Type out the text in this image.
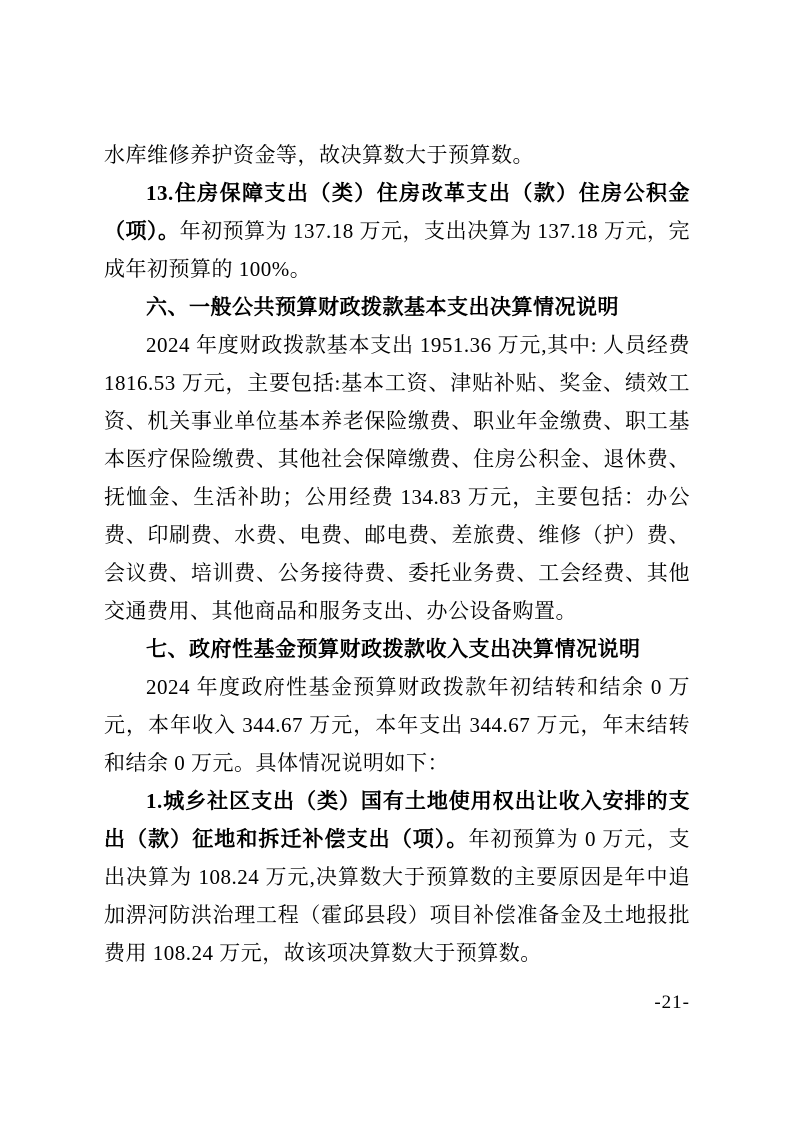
水库维修养护资金等，故决算数大于预算数。

13.住房保障支出（类）住房改革支出（款）住房公积金（项）。年初预算为 137.18 万元，支出决算为 137.18 万元，完成年初预算的 100%。

六、一般公共预算财政拨款基本支出决算情况说明

2024 年度财政拨款基本支出 1951.36 万元,其中: 人员经费 1816.53 万元，主要包括:基本工资、津贴补贴、奖金、绩效工资、机关事业单位基本养老保险缴费、职业年金缴费、职工基本医疗保险缴费、其他社会保障缴费、住房公积金、退休费、抚恤金、生活补助；公用经费 134.83 万元，主要包括：办公费、印刷费、水费、电费、邮电费、差旅费、维修（护）费、会议费、培训费、公务接待费、委托业务费、工会经费、其他交通费用、其他商品和服务支出、办公设备购置。

七、政府性基金预算财政拨款收入支出决算情况说明

2024 年度政府性基金预算财政拨款年初结转和结余 0 万元，本年收入 344.67 万元，本年支出 344.67 万元，年末结转和结余 0 万元。具体情况说明如下：

1.城乡社区支出（类）国有土地使用权出让收入安排的支出（款）征地和拆迁补偿支出（项）。年初预算为 0 万元，支出决算为 108.24 万元,决算数大于预算数的主要原因是年中追加淠河防洪治理工程（霍邱县段）项目补偿准备金及土地报批费用 108.24 万元，故该项决算数大于预算数。

-21-
